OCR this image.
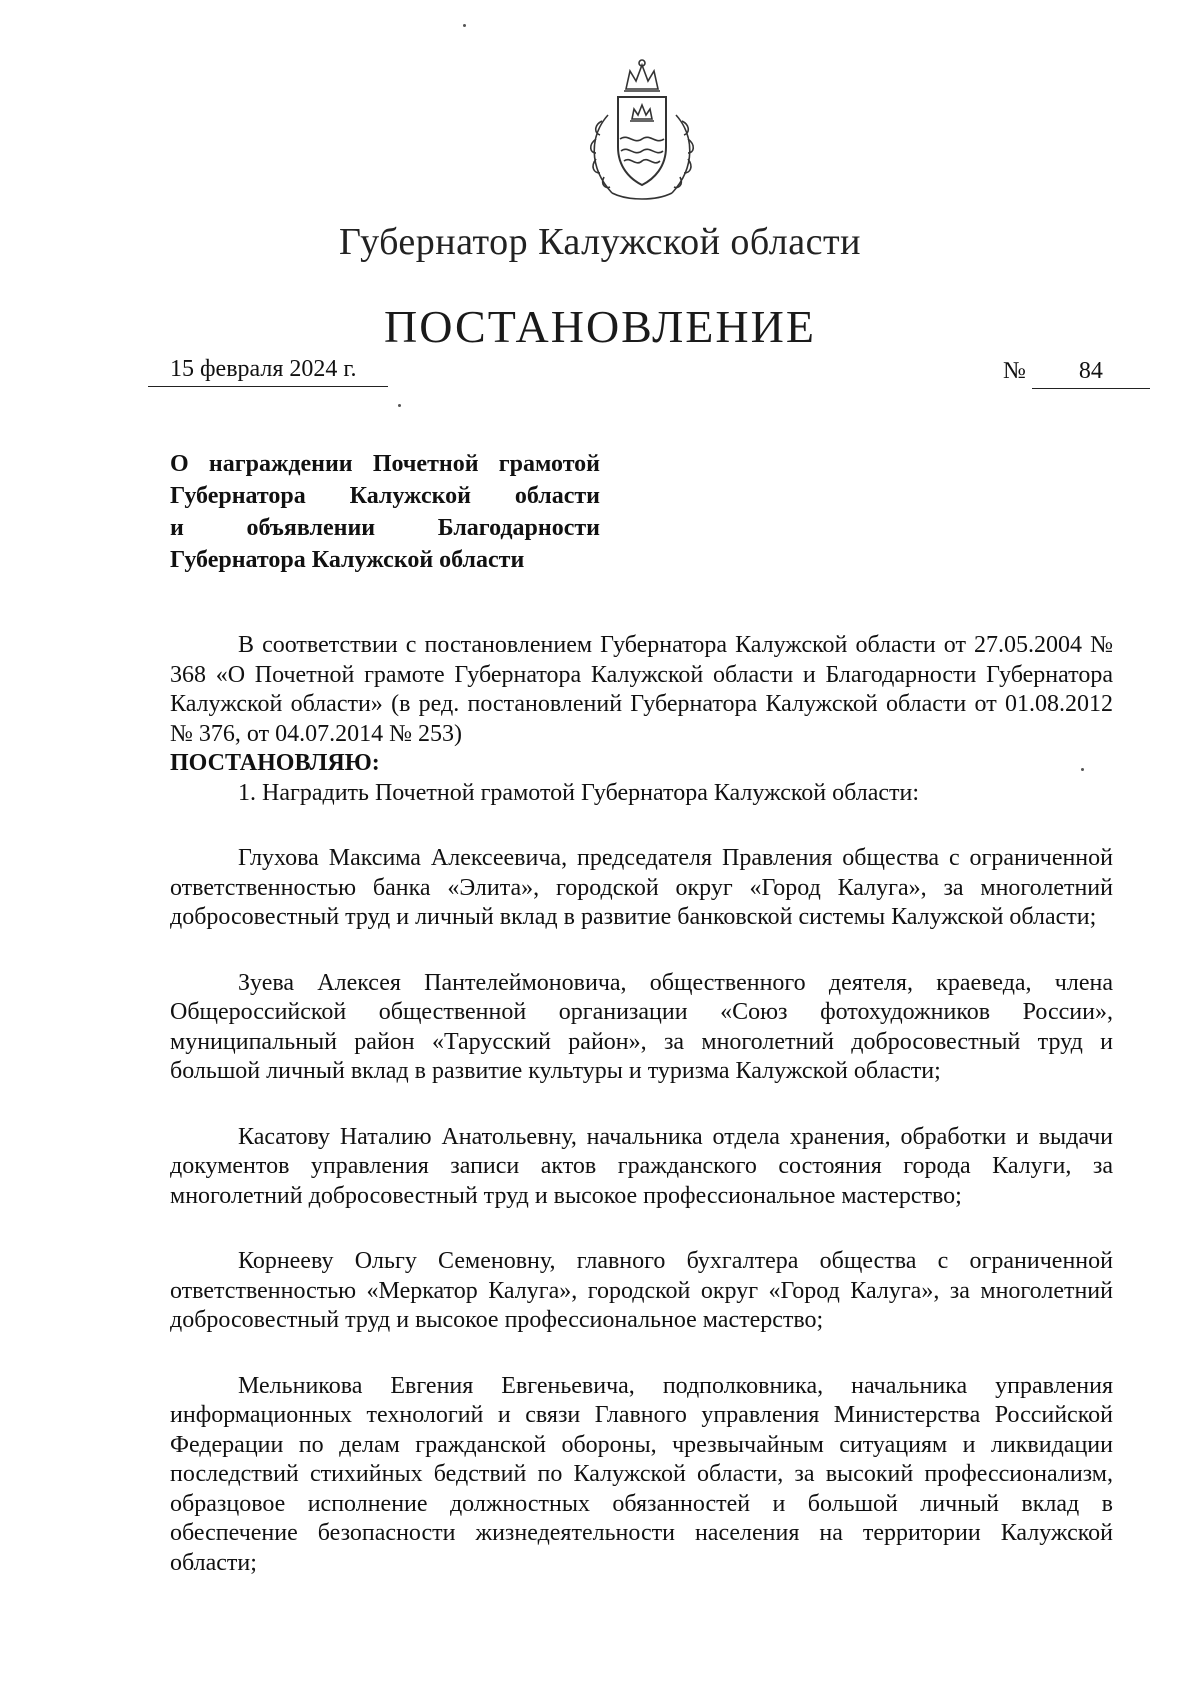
Губернатор Калужской области
ПОСТАНОВЛЕНИЕ
15 февраля 2024 г.	№ 84
О награждении Почетной грамотой
Губернатора Калужской области
и объявлении Благодарности
Губернатора Калужской области

В соответствии с постановлением Губернатора Калужской области от 27.05.2004 № 368 «О Почетной грамоте Губернатора Калужской области и Благодарности Губернатора Калужской области» (в ред. постановлений Губернатора Калужской области от 01.08.2012 № 376, от 04.07.2014 № 253)

ПОСТАНОВЛЯЮ:

1. Наградить Почетной грамотой Губернатора Калужской области:

Глухова Максима Алексеевича, председателя Правления общества с ограниченной ответственностью банка «Элита», городской округ «Город Калуга», за многолетний добросовестный труд и личный вклад в развитие банковской системы Калужской области;

Зуева Алексея Пантелеймоновича, общественного деятеля, краеведа, члена Общероссийской общественной организации «Союз фотохудожников России», муниципальный район «Тарусский район», за многолетний добросовестный труд и большой личный вклад в развитие культуры и туризма Калужской области;

Касатову Наталию Анатольевну, начальника отдела хранения, обработки и выдачи документов управления записи актов гражданского состояния города Калуги, за многолетний добросовестный труд и высокое профессиональное мастерство;

Корнееву Ольгу Семеновну, главного бухгалтера общества с ограниченной ответственностью «Меркатор Калуга», городской округ «Город Калуга», за многолетний добросовестный труд и высокое профессиональное мастерство;

Мельникова Евгения Евгеньевича, подполковника, начальника управления информационных технологий и связи Главного управления Министерства Российской Федерации по делам гражданской обороны, чрезвычайным ситуациям и ликвидации последствий стихийных бедствий по Калужской области, за высокий профессионализм, образцовое исполнение должностных обязанностей и большой личный вклад в обеспечение безопасности жизнедеятельности населения на территории Калужской области;
